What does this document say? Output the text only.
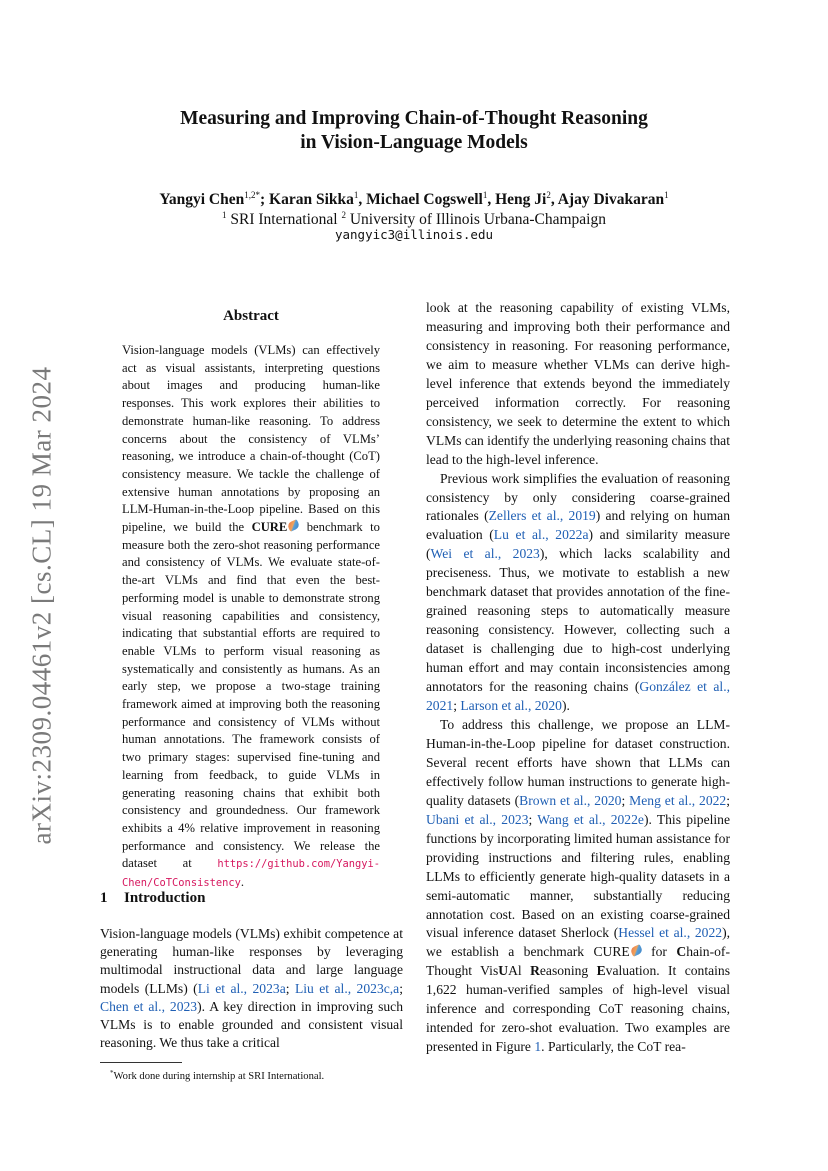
arXiv:2309.04461v2 [cs.CL] 19 Mar 2024
Measuring and Improving Chain-of-Thought Reasoning
in Vision-Language Models
Yangyi Chen$^{1,2*}$; Karan Sikka$^1$, Michael Cogswell$^1$, Heng Ji$^2$, Ajay Divakaran$^1$
$^1$ SRI International $^2$ University of Illinois Urbana-Champaign
yangyic3@illinois.edu
Abstract
Vision-language models (VLMs) can effectively act as visual assistants, interpreting questions about images and producing human-like responses. This work explores their abilities to demonstrate human-like reasoning. To address concerns about the consistency of VLMs’ reasoning, we introduce a chain-of-thought (CoT) consistency measure. We tackle the challenge of extensive human annotations by proposing an LLM-Human-in-the-Loop pipeline. Based on this pipeline, we build the CURE benchmark to measure both the zero-shot reasoning performance and consistency of VLMs. We evaluate state-of-the-art VLMs and find that even the best-performing model is unable to demonstrate strong visual reasoning capabilities and consistency, indicating that substantial efforts are required to enable VLMs to perform visual reasoning as systematically and consistently as humans. As an early step, we propose a two-stage training framework aimed at improving both the reasoning performance and consistency of VLMs without human annotations. The framework consists of two primary stages: supervised fine-tuning and learning from feedback, to guide VLMs in generating reasoning chains that exhibit both consistency and groundedness. Our framework exhibits a 4% relative improvement in reasoning performance and consistency. We release the dataset at https://github.com/Yangyi-Chen/CoTConsistency.
1 Introduction
Vision-language models (VLMs) exhibit competence at generating human-like responses by leveraging multimodal instructional data and large language models (LLMs) (Li et al., 2023a; Liu et al., 2023c,a; Chen et al., 2023). A key direction in improving such VLMs is to enable grounded and consistent visual reasoning. We thus take a critical
*Work done during internship at SRI International.

look at the reasoning capability of existing VLMs, measuring and improving both their performance and consistency in reasoning. For reasoning performance, we aim to measure whether VLMs can derive high-level inference that extends beyond the immediately perceived information correctly. For reasoning consistency, we seek to determine the extent to which VLMs can identify the underlying reasoning chains that lead to the high-level inference.

Previous work simplifies the evaluation of reasoning consistency by only considering coarse-grained rationales (Zellers et al., 2019) and relying on human evaluation (Lu et al., 2022a) and similarity measure (Wei et al., 2023), which lacks scalability and preciseness. Thus, we motivate to establish a new benchmark dataset that provides annotation of the fine-grained reasoning steps to automatically measure reasoning consistency. However, collecting such a dataset is challenging due to high-cost underlying human effort and may contain inconsistencies among annotators for the reasoning chains (González et al., 2021; Larson et al., 2020).

To address this challenge, we propose an LLM-Human-in-the-Loop pipeline for dataset construction. Several recent efforts have shown that LLMs can effectively follow human instructions to generate high-quality datasets (Brown et al., 2020; Meng et al., 2022; Ubani et al., 2023; Wang et al., 2022e). This pipeline functions by incorporating limited human assistance for providing instructions and filtering rules, enabling LLMs to efficiently generate high-quality datasets in a semi-automatic manner, substantially reducing annotation cost. Based on an existing coarse-grained visual inference dataset Sherlock (Hessel et al., 2022), we establish a benchmark CURE for Chain-of-Thought VisUAl Reasoning Evaluation. It contains 1,622 human-verified samples of high-level visual inference and corresponding CoT reasoning chains, intended for zero-shot evaluation. Two examples are presented in Figure 1. Particularly, the CoT rea-
